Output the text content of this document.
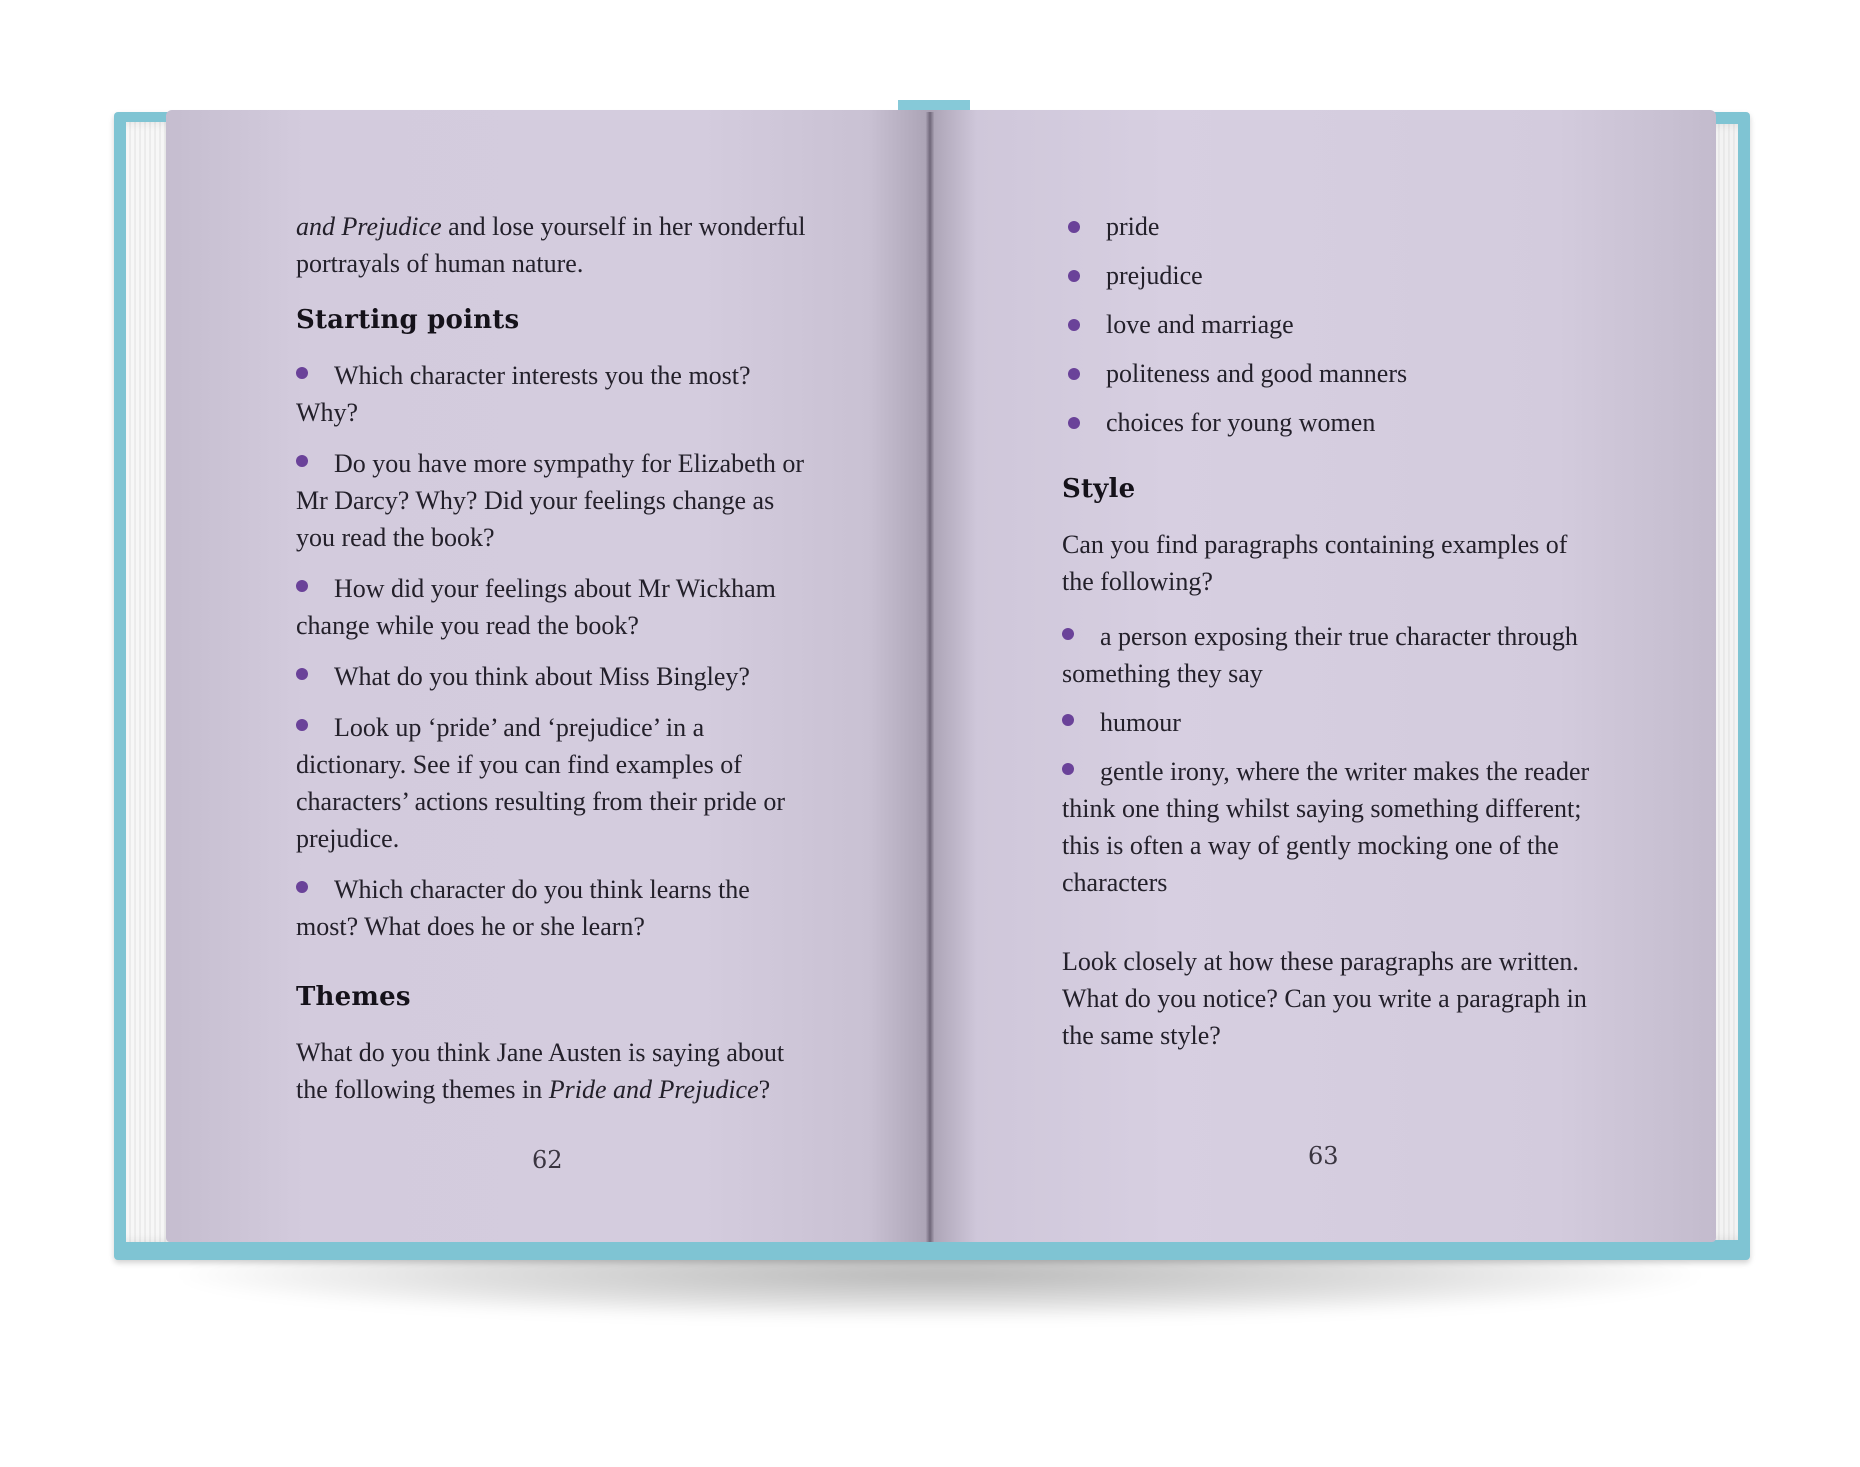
and Prejudice and lose yourself in her wonderful portrayals of human nature.

Starting points
Which character interests you the most? Why?
Do you have more sympathy for Elizabeth or Mr Darcy? Why? Did your feelings change as you read the book?
How did your feelings about Mr Wickham change while you read the book?
What do you think about Miss Bingley?
Look up ‘pride’ and ‘prejudice’ in a dictionary. See if you can find examples of characters’ actions resulting from their pride or prejudice.
Which character do you think learns the most? What does he or she learn?
Themes

What do you think Jane Austen is saying about the following themes in Pride and Prejudice?

62
pride
prejudice
love and marriage
politeness and good manners
choices for young women
Style

Can you find paragraphs containing examples of the following?

a person exposing their true character through something they say
humour
gentle irony, where the writer makes the reader think one thing whilst saying something different; this is often a way of gently mocking one of the characters

Look closely at how these paragraphs are written. What do you notice? Can you write a paragraph in the same style?

63
